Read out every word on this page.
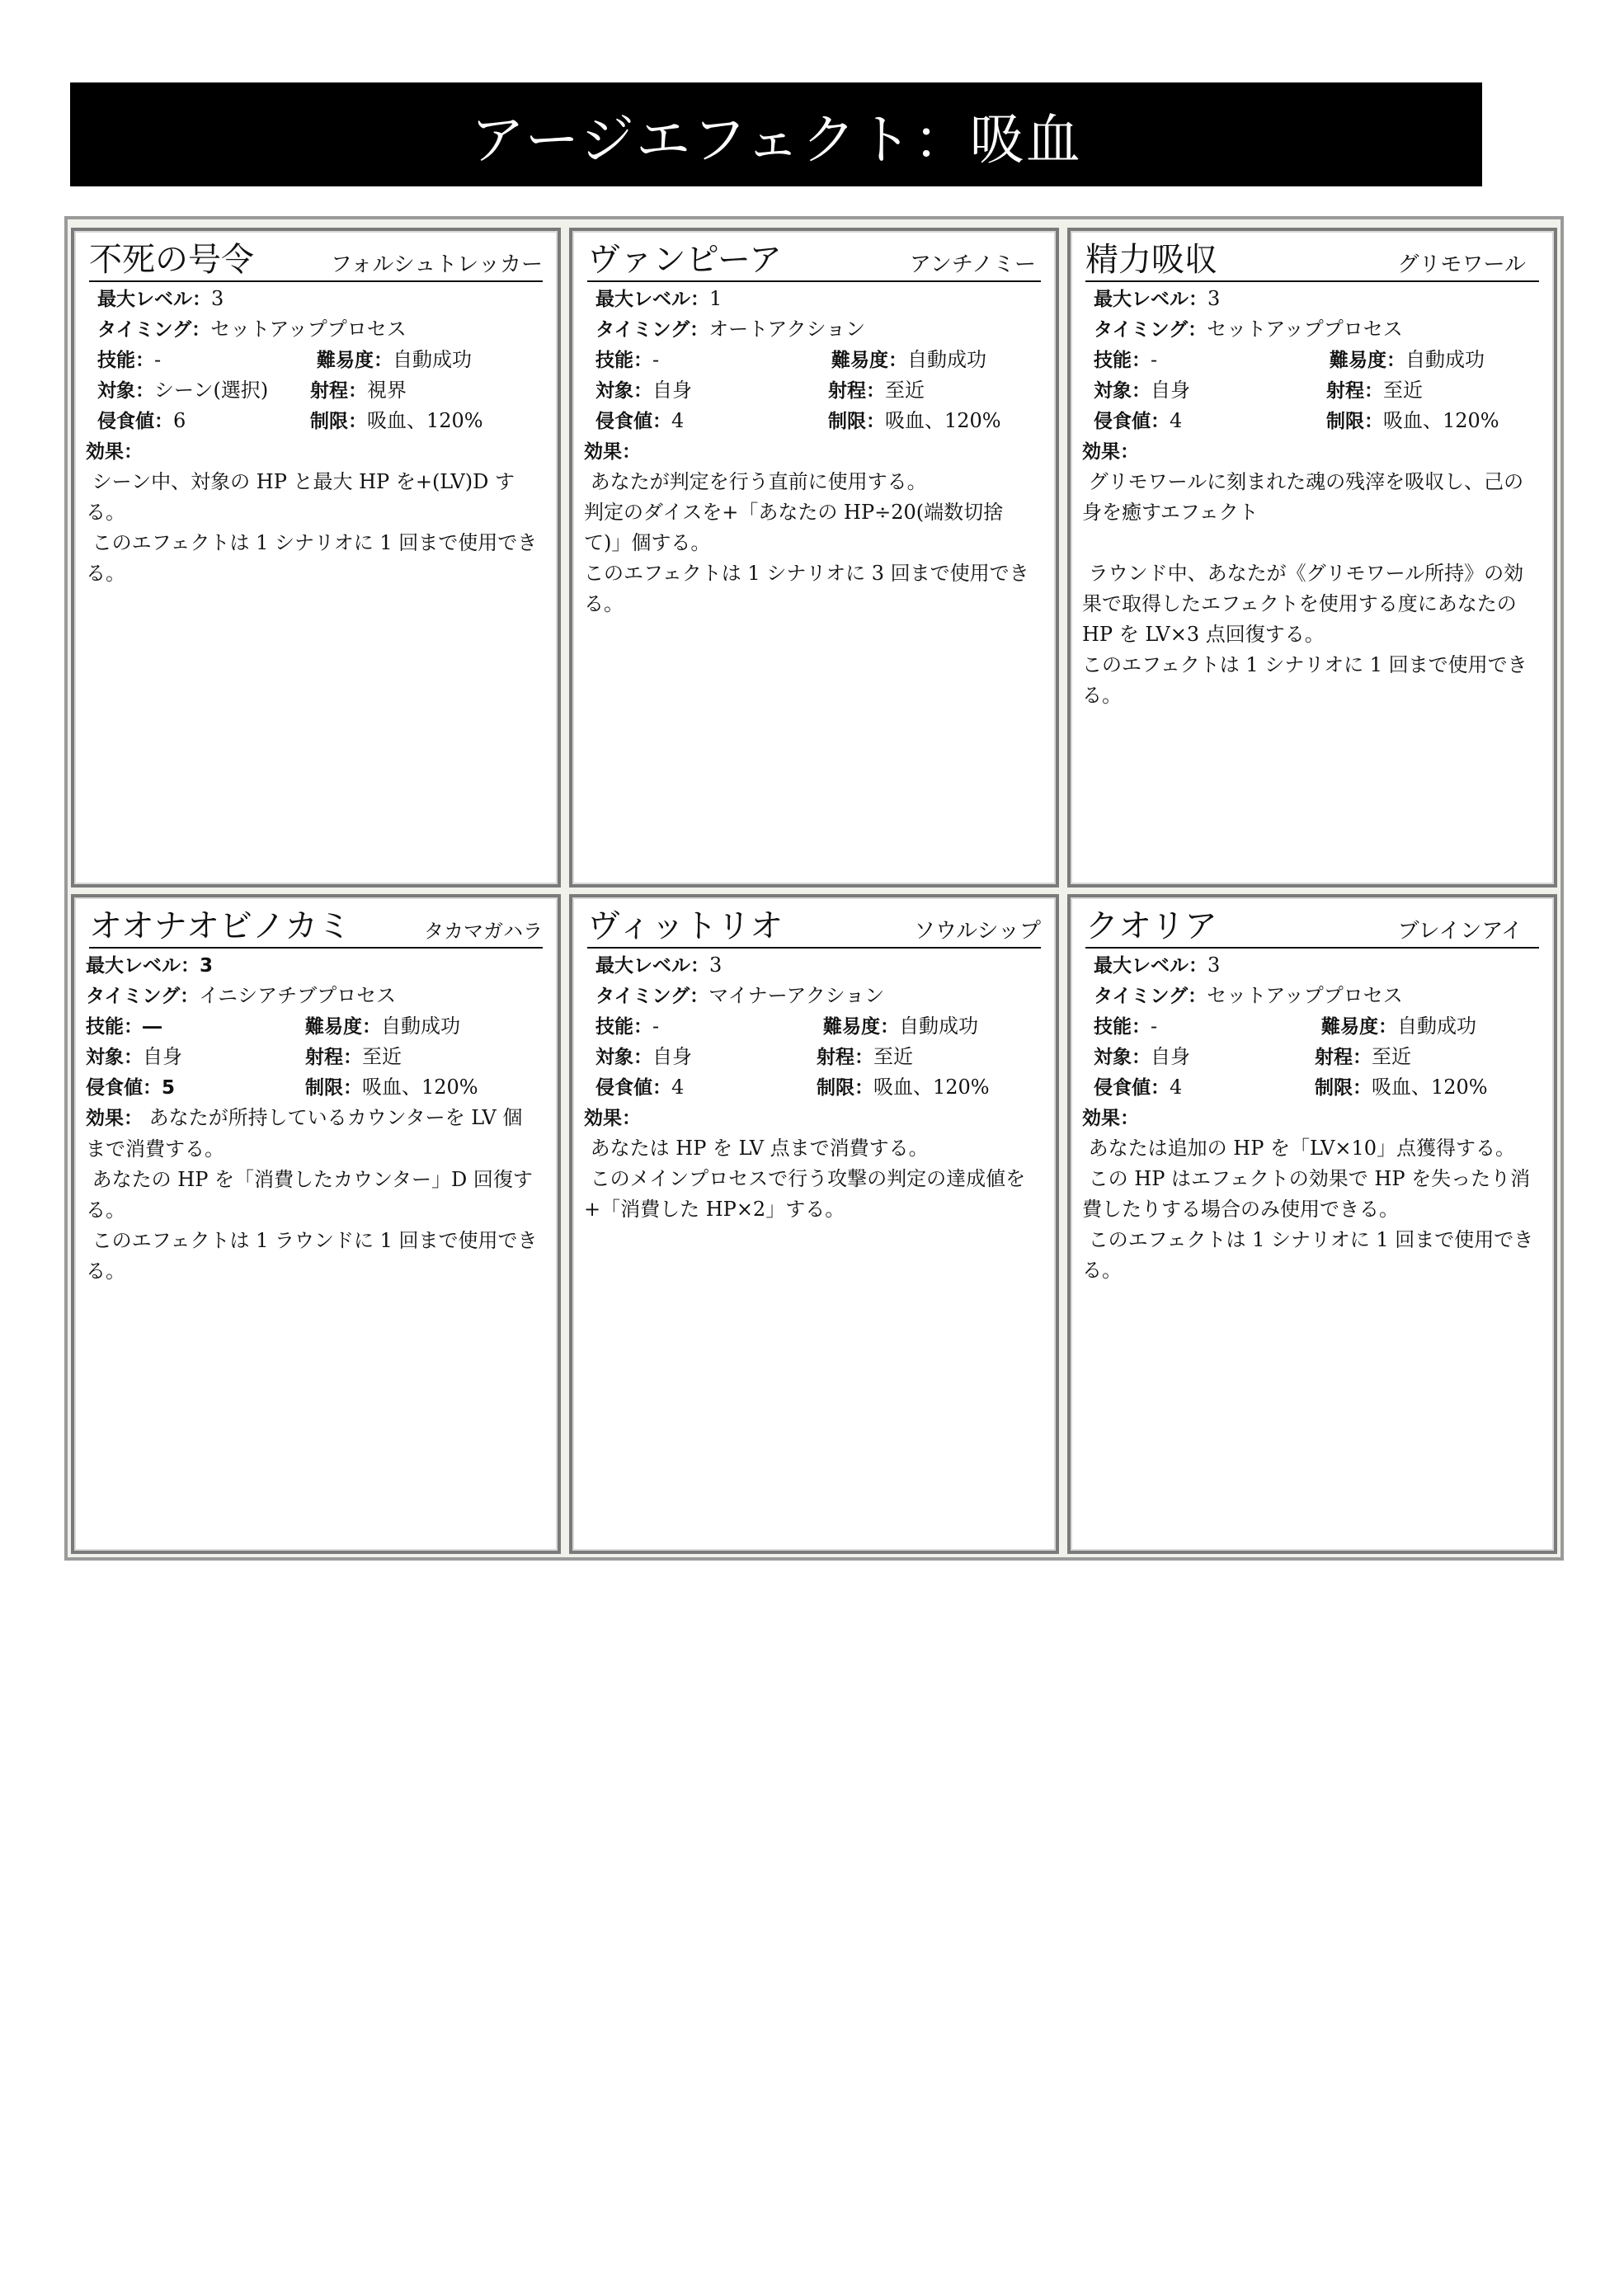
アージエフェクト：吸血
不死の号令	フォルシュトレッカー
最大レベル：3
タイミング：セットアッププロセス
技能：-	難易度：自動成功
対象：シーン(選択) 射程：視界
侵食値：6	制限：吸血、120%
効果：
シーン中、対象の HP と最大 HP を+(LV)D する。
このエフェクトは 1 シナリオに 1 回まで使用できる。
ヴァンピーア	アンチノミー
最大レベル：1
タイミング：オートアクション
技能：-	難易度：自動成功
対象：自身	射程：至近
侵食値：4	制限：吸血、120%
効果：
あなたが判定を行う直前に使用する。
判定のダイスを+「あなたの HP÷20(端数切捨て)」個する。
このエフェクトは 1 シナリオに 3 回まで使用できる。
精力吸収	グリモワール
最大レベル：3
タイミング：セットアッププロセス
技能：-	難易度：自動成功
対象：自身	射程：至近
侵食値：4	制限：吸血、120%
効果：
グリモワールに刻まれた魂の残滓を吸収し、己の身を癒すエフェクト

ラウンド中、あなたが《グリモワール所持》の効果で取得したエフェクトを使用する度にあなたの HP を LV×3 点回復する。
このエフェクトは 1 シナリオに 1 回まで使用できる。
オオナオビノカミ	タカマガハラ
最大レベル：3
タイミング：イニシアチブプロセス
技能：―	難易度：自動成功
対象：自身	射程：至近
侵食値：5	制限：吸血、120%
効果： あなたが所持しているカウンターを LV 個まで消費する。
あなたの HP を「消費したカウンター」D 回復する。
このエフェクトは 1 ラウンドに 1 回まで使用できる。
ヴィットリオ	ソウルシップ
最大レベル：3
タイミング：マイナーアクション
技能：-	難易度：自動成功
対象：自身	射程：至近
侵食値：4	制限：吸血、120%
効果：
あなたは HP を LV 点まで消費する。
このメインプロセスで行う攻撃の判定の達成値を+「消費した HP×2」する。
クオリア	ブレインアイ
最大レベル：3
タイミング：セットアッププロセス
技能：-	難易度：自動成功
対象：自身	射程：至近
侵食値：4	制限：吸血、120%
効果：
あなたは追加の HP を「LV×10」点獲得する。
この HP はエフェクトの効果で HP を失ったり消費したりする場合のみ使用できる。
このエフェクトは 1 シナリオに 1 回まで使用できる。
